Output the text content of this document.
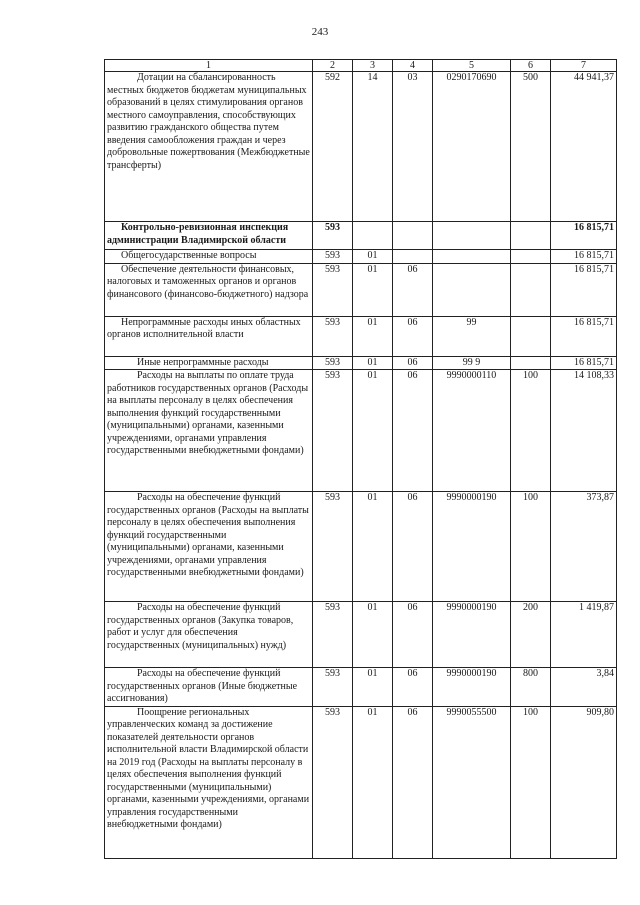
243
1	2	3	4	5	6	7
Дотации на сбалансированность местных бюджетов бюджетам муниципальных образований в целях стимулирования органов местного самоуправления, способствующих развитию гражданского общества путем введения самообложения граждан и через добровольные пожертвования (Межбюджетные трансферты)	592	14	03	0290170690	500	44 941,37
Контрольно-ревизионная инспекция администрации Владимирской области	593					16 815,71
Общегосударственные вопросы	593	01				16 815,71
Обеспечение деятельности финансовых, налоговых и таможенных органов и органов финансового (финансово-бюджетного) надзора	593	01	06			16 815,71
Непрограммные расходы иных областных органов исполнительной власти	593	01	06	99		16 815,71
Иные непрограммные расходы	593	01	06	99 9		16 815,71
Расходы на выплаты по оплате труда работников государственных органов (Расходы на выплаты персоналу в целях обеспечения выполнения функций государственными (муниципальными) органами, казенными учреждениями, органами управления государственными внебюджетными фондами)	593	01	06	9990000110	100	14 108,33
Расходы на обеспечение функций государственных органов (Расходы на выплаты персоналу в целях обеспечения выполнения функций государственными (муниципальными) органами, казенными учреждениями, органами управления государственными внебюджетными фондами)	593	01	06	9990000190	100	373,87
Расходы на обеспечение функций государственных органов (Закупка товаров, работ и услуг для обеспечения государственных (муниципальных) нужд)	593	01	06	9990000190	200	1 419,87
Расходы на обеспечение функций государственных органов (Иные бюджетные ассигнования)	593	01	06	9990000190	800	3,84
Поощрение региональных управленческих команд за достижение показателей деятельности органов исполнительной власти Владимирской области на 2019 год (Расходы на выплаты персоналу в целях обеспечения выполнения функций государственными (муниципальными) органами, казенными учреждениями, органами управления государственными внебюджетными фондами)	593	01	06	9990055500	100	909,80
